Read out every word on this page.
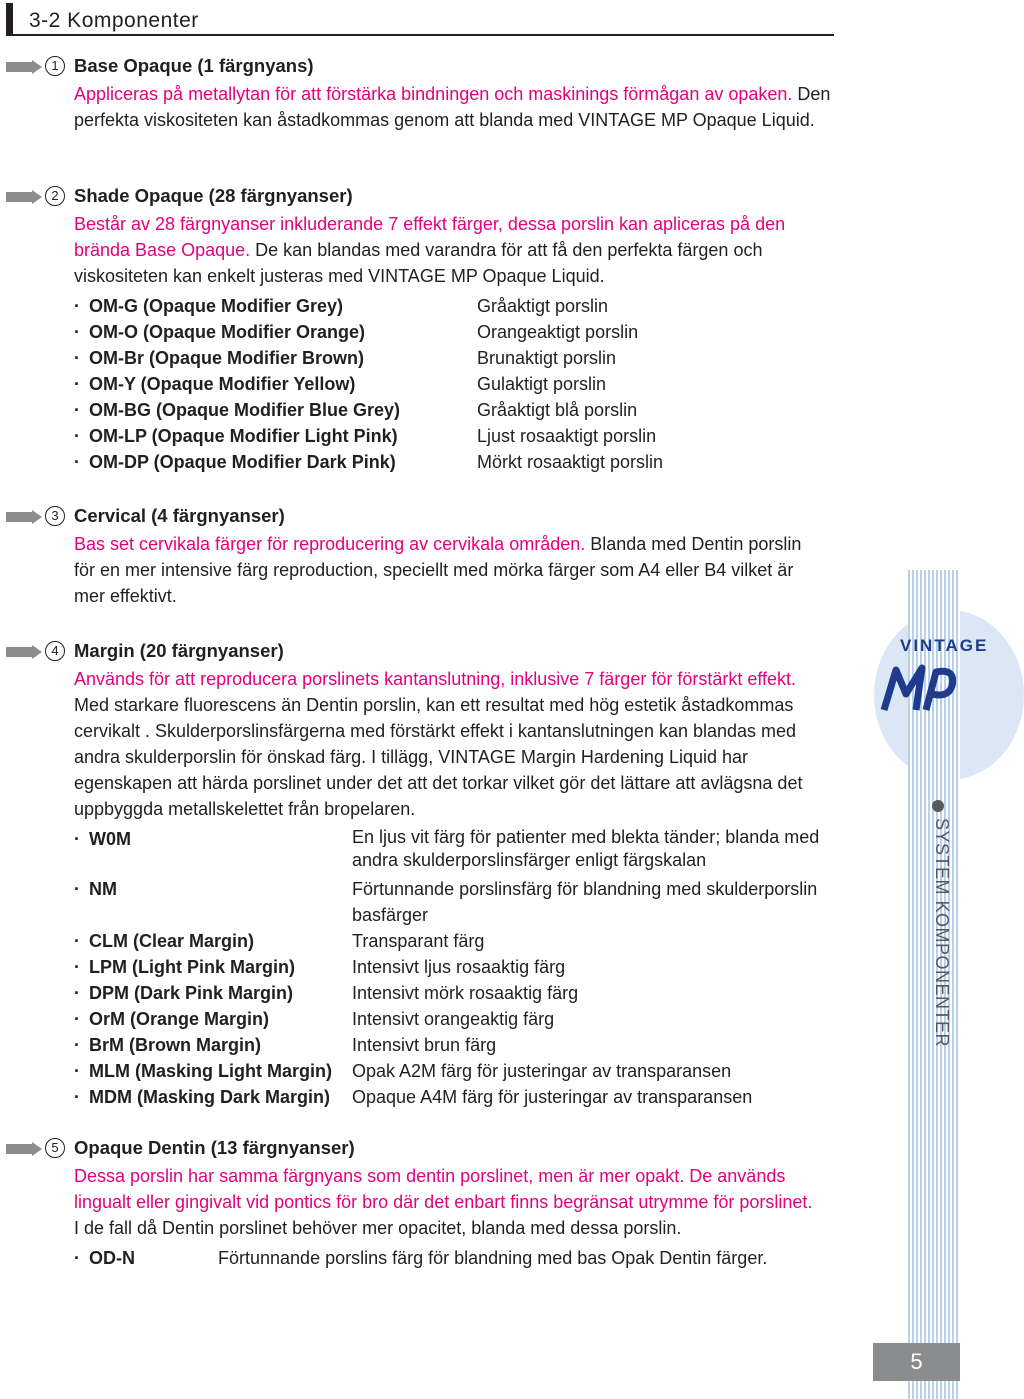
3-2 Komponenter
1 Base Opaque (1 färgnyans)
Appliceras på metallytan för att förstärka bindningen och maskinings förmågan av opaken. Den perfekta viskositeten kan åstadkommas genom att blanda med VINTAGE MP Opaque Liquid.
2 Shade Opaque (28 färgnyanser)
Består av 28 färgnyanser inkluderande 7 effekt färger, dessa porslin kan apliceras på den brända Base Opaque. De kan blandas med varandra för att få den perfekta färgen och viskositeten kan enkelt justeras med VINTAGE MP Opaque Liquid.
· OM-G (Opaque Modifier Grey)	Gråaktigt porslin
· OM-O (Opaque Modifier Orange)	Orangeaktigt porslin
· OM-Br (Opaque Modifier Brown)	Brunaktigt porslin
· OM-Y (Opaque Modifier Yellow)	Gulaktigt porslin
· OM-BG (Opaque Modifier Blue Grey)	Gråaktigt blå porslin
· OM-LP (Opaque Modifier Light Pink)	Ljust rosaaktigt porslin
· OM-DP (Opaque Modifier Dark Pink)	Mörkt rosaaktigt porslin
3 Cervical (4 färgnyanser)
Bas set cervikala färger för reproducering av cervikala områden. Blanda med Dentin porslin för en mer intensive färg reproduction, speciellt med mörka färger som A4 eller B4 vilket är mer effektivt.
4 Margin (20 färgnyanser)
Används för att reproducera porslinets kantanslutning, inklusive 7 färger för förstärkt effekt. Med starkare fluorescens än Dentin porslin, kan ett resultat med hög estetik åstadkommas cervikalt . Skulderporslinsfärgerna med förstärkt effekt i kantanslutningen kan blandas med andra skulderporslin för önskad färg. I tillägg, VINTAGE Margin Hardening Liquid har egenskapen att härda porslinet under det att det torkar vilket gör det lättare att avlägsna det uppbyggda metallskelettet från bropelaren.
· W0M	En ljus vit färg för patienter med blekta tänder; blanda med andra skulderporslinsfärger enligt färgskalan
· NM	Förtunnande porslinsfärg för blandning med skulderporslin basfärger
· CLM (Clear Margin)	Transparant färg
· LPM (Light Pink Margin)	Intensivt ljus rosaaktig färg
· DPM (Dark Pink Margin)	Intensivt mörk rosaaktig färg
· OrM (Orange Margin)	Intensivt orangeaktig färg
· BrM (Brown Margin)	Intensivt brun färg
· MLM (Masking Light Margin) Opak A2M färg för justeringar av transparansen
· MDM (Masking Dark Margin) Opaque A4M färg för justeringar av transparansen
5 Opaque Dentin (13 färgnyanser)
Dessa porslin har samma färgnyans som dentin porslinet, men är mer opakt. De används lingualt eller gingivalt vid pontics för bro där det enbart finns begränsat utrymme för porslinet. I de fall då Dentin porslinet behöver mer opacitet, blanda med dessa porslin.
· OD-N	Förtunnande porslins färg för blandning med bas Opak Dentin färger.
VINTAGE
SYSTEM KOMPONENTER
5
